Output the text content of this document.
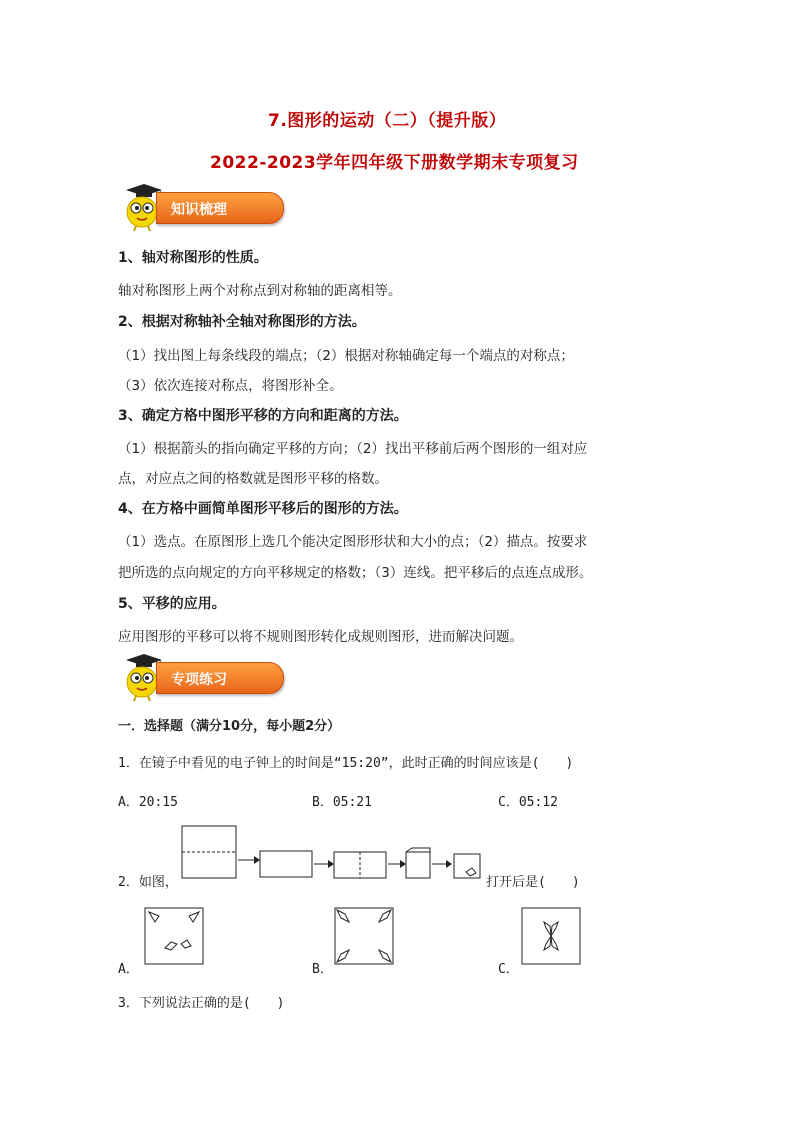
7.图形的运动（二）（提升版）
2022-2023学年四年级下册数学期末专项复习
知识梳理
1、轴对称图形的性质。
轴对称图形上两个对称点到对称轴的距离相等。
2、根据对称轴补全轴对称图形的方法。
（1）找出图上每条线段的端点；（2）根据对称轴确定每一个端点的对称点；
（3）依次连接对称点，将图形补全。
3、确定方格中图形平移的方向和距离的方法。
（1）根据箭头的指向确定平移的方向；（2）找出平移前后两个图形的一组对应
点，对应点之间的格数就是图形平移的格数。
4、在方格中画简单图形平移后的图形的方法。
（1）选点。在原图形上选几个能决定图形形状和大小的点；（2）描点。按要求
把所选的点向规定的方向平移规定的格数；（3）连线。把平移后的点连点成形。
5、平移的应用。
应用图形的平移可以将不规则图形转化成规则图形，进而解决问题。
专项练习
一．选择题（满分10分，每小题2分）
1．在镜子中看见的电子钟上的时间是“15:20”，此时正确的时间应该是(　　)
A．20:15	B．05:21	C．05:12
2．如图，	打开后是(　　)
A．	B．	C．
3．下列说法正确的是(　　)
